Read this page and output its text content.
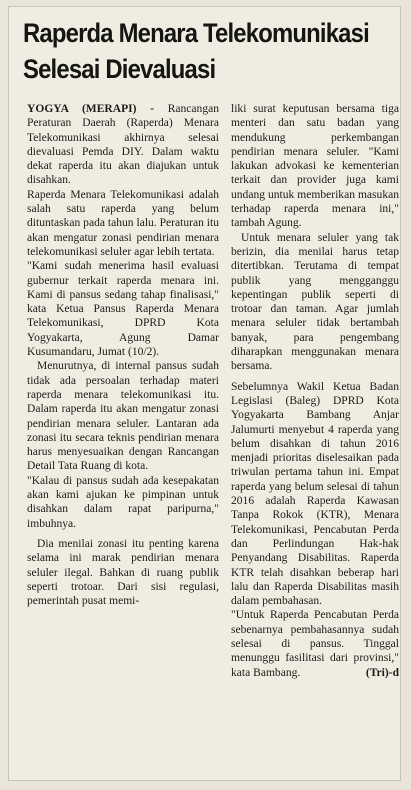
Raperda Menara Telekomunikasi
Selesai Dievaluasi

YOGYA (MERAPI) - Rancangan Peraturan Daerah (Raperda) Menara Telekomunikasi akhirnya selesai dievaluasi Pemda DIY. Dalam waktu dekat raperda itu akan diajukan untuk disahkan.

Raperda Menara Telekomunikasi adalah salah satu raperda yang belum dituntaskan pada tahun lalu. Peraturan itu akan mengatur zonasi pendirian menara telekomunikasi seluler agar lebih tertata.

"Kami sudah menerima hasil evaluasi gubernur terkait raperda menara ini. Kami di pansus sedang tahap finalisasi," kata Ketua Pansus Raperda Menara Telekomunikasi, DPRD Kota Yogyakarta, Agung Damar Kusumandaru, Jumat (10/2).

Menurutnya, di internal pansus sudah tidak ada persoalan terhadap materi raperda menara telekomunikasi itu. Dalam raperda itu akan mengatur zonasi pendirian menara seluler. Lantaran ada zonasi itu secara teknis pendirian menara harus menyesuaikan dengan Rancangan Detail Tata Ruang di kota.

"Kalau di pansus sudah ada kesepakatan akan kami ajukan ke pimpinan untuk disahkan dalam rapat paripurna," imbuhnya.

Dia menilai zonasi itu penting karena selama ini marak pendirian menara seluler ilegal. Bahkan di ruang publik seperti trotoar. Dari sisi regulasi, pemerintah pusat memi-

liki surat keputusan bersama tiga menteri dan satu badan yang mendukung perkembangan pendirian menara seluler. "Kami lakukan advokasi ke kementerian terkait dan provider juga kami undang untuk memberikan masukan terhadap raperda menara ini," tambah Agung.

Untuk menara seluler yang tak berizin, dia menilai harus tetap ditertibkan. Terutama di tempat publik yang mengganggu kepentingan publik seperti di trotoar dan taman. Agar jumlah menara seluler tidak bertambah banyak, para pengembang diharapkan menggunakan menara bersama.

Sebelumnya Wakil Ketua Badan Legislasi (Baleg) DPRD Kota Yogyakarta Bambang Anjar Jalumurti menyebut 4 raperda yang belum disahkan di tahun 2016 menjadi prioritas diselesaikan pada triwulan pertama tahun ini. Empat raperda yang belum selesai di tahun 2016 adalah Raperda Kawasan Tanpa Rokok (KTR), Menara Telekomunikasi, Pencabutan Perda dan Perlindungan Hak-hak Penyandang Disabilitas. Raperda KTR telah disahkan beberap hari lalu dan Raperda Disabilitas masih dalam pembahasan.

"Untuk Raperda Pencabutan Perda sebenarnya pembahasannya sudah selesai di pansus. Tinggal menunggu fasilitasi dari provinsi," kata Bambang.	(Tri)-d
